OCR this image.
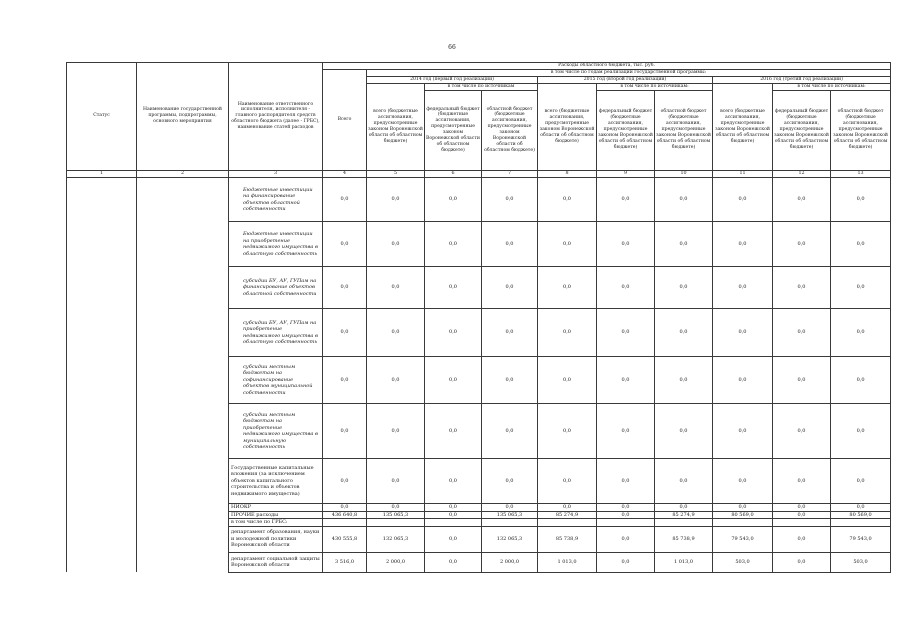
66
Статус	Наименование государственной программы, подпрограммы, основного мероприятия	Наименование ответственного исполнителя, исполнителя - главного распорядителя средств областного бюджета (далее - ГРБС), наименование статей расходов	Расходы областного бюджета, тыс. руб.									
			Всего	в том числе по годам реализации государственной программы:								
				2014 год (первый год реализации)			2015 год (второй год реализации)			2016 год (третий год реализации)		
				всего (бюджетные ассигнования, предусмотренные законом Воронежской области об областном бюджете)	в том числе по источникам		всего (бюджетные ассигнования, предусмотренные законом Воронежской области об областном бюджете)	в том числе по источникам:		всего (бюджетные ассигнования, предусмотренные законом Воронежской области об областном бюджете)	в том числе по источникам:	
					федеральный бюджет (бюджетные ассигнования, предусмотренные законом Воронежской области об областном бюджете)	областной бюджет (бюджетные ассигнования, предусмотренные законом Воронежской области об областном бюджете)		федеральный бюджет (бюджетные ассигнования, предусмотренные законом Воронежской области об областном бюджете)	областной бюджет (бюджетные ассигнования, предусмотренные законом Воронежской области об областном бюджете)		федеральный бюджет (бюджетные ассигнования, предусмотренные законом Воронежской области об областном бюджете)	областной бюджет (бюджетные ассигнования, предусмотренные законом Воронежской области об областном бюджете)
1	2	3	4	5	6	7	8	9	10	11	12	13
		Бюджетные инвестиции на финансирование объектов областной собственности	0,0	0,0	0,0	0,0	0,0	0,0	0,0	0,0	0,0	0,0
		Бюджетные инвестиции на приобретение недвижимого имущества в областную собственность	0,0	0,0	0,0	0,0	0,0	0,0	0,0	0,0	0,0	0,0
		субсидии БУ, АУ, ГУПам на финансирование объектов областной собственности	0,0	0,0	0,0	0,0	0,0	0,0	0,0	0,0	0,0	0,0
		субсидии БУ, АУ, ГУПам на приобретение недвижимого имущества в областную собственность	0,0	0,0	0,0	0,0	0,0	0,0	0,0	0,0	0,0	0,0
		субсидии местным бюджетам на софинансирование объектов муниципальной собственности	0,0	0,0	0,0	0,0	0,0	0,0	0,0	0,0	0,0	0,0
		субсидии местным бюджетам на приобретение недвижимого имущества в муниципальную собственность	0,0	0,0	0,0	0,0	0,0	0,0	0,0	0,0	0,0	0,0
		Государственные капитальные вложения (за исключением объектов капитального строительства и объектов недвижимого имущества)	0,0	0,0	0,0	0,0	0,0	0,0	0,0	0,0	0,0	0,0
		НИОКР	0,0	0,0	0,0	0,0	0,0	0,0	0,0	0,0	0,0	0,0
		ПРОЧИЕ расходы	436 640,8	135 065,3	0,0	135 065,3	85 274,9	0,0	85 274,9	80 569,0	0,0	80 569,0
		в том числе по ГРБС:										
		департамент образования, науки и молодежной политики Воронежской области	430 555,8	132 065,3	0,0	132 065,3	85 738,9	0,0	85 738,9	79 543,0	0,0	79 543,0
		департамент социальной защиты Воронежской области	3 516,0	2 000,0	0,0	2 000,0	1 013,0	0,0	1 013,0	503,0	0,0	503,0
